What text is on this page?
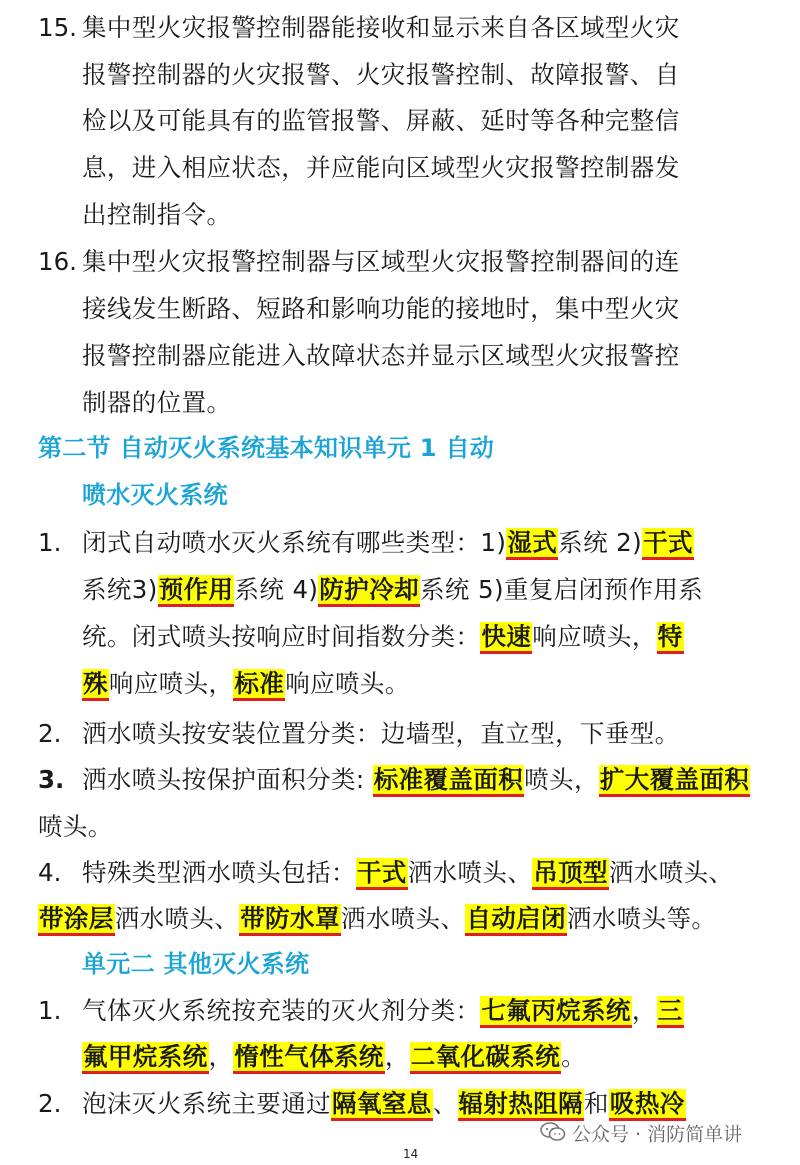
15. 集中型火灾报警控制器能接收和显示来自各区域型火灾
报警控制器的火灾报警、火灾报警控制、故障报警、自
检以及可能具有的监管报警、屏蔽、延时等各种完整信
息，进入相应状态，并应能向区域型火灾报警控制器发
出控制指令。
16. 集中型火灾报警控制器与区域型火灾报警控制器间的连
接线发生断路、短路和影响功能的接地时，集中型火灾
报警控制器应能进入故障状态并显示区域型火灾报警控
制器的位置。
第二节 自动灭火系统基本知识单元 1 自动
喷水灭火系统
1. 闭式自动喷水灭火系统有哪些类型：1)湿式系统 2)干式
系统3)预作用系统 4)防护冷却系统 5)重复启闭预作用系
统。闭式喷头按响应时间指数分类：快速响应喷头，特
殊响应喷头，标准响应喷头。
2. 洒水喷头按安装位置分类：边墙型，直立型，下垂型。
3. 洒水喷头按保护面积分类: 标准覆盖面积喷头，扩大覆盖面积
喷头。
4. 特殊类型洒水喷头包括：干式洒水喷头、吊顶型洒水喷头、
带涂层洒水喷头、带防水罩洒水喷头、自动启闭洒水喷头等。
单元二 其他灭火系统
1. 气体灭火系统按充装的灭火剂分类：七氟丙烷系统，三
氟甲烷系统，惰性气体系统，二氧化碳系统。
2. 泡沫灭火系统主要通过隔氧窒息、辐射热阻隔和吸热冷
公众号 · 消防简单讲
14
